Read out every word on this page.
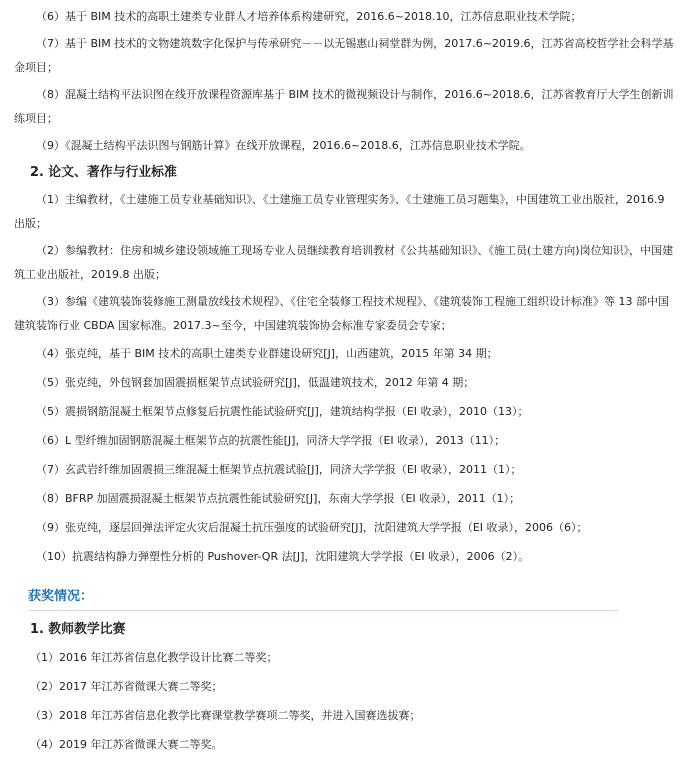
（6）基于 BIM 技术的高职土建类专业群人才培养体系构建研究，2016.6~2018.10，江苏信息职业技术学院；

（7）基于 BIM 技术的文物建筑数字化保护与传承研究－－以无锡惠山祠堂群为例，2017.6~2019.6，江苏省高校哲学社会科学基金项目；

（8）混凝土结构平法识图在线开放课程资源库基于 BIM 技术的微视频设计与制作，2016.6~2018.6，江苏省教育厅大学生创新训练项目；

（9）《混凝土结构平法识图与钢筋计算》在线开放课程，2016.6~2018.6，江苏信息职业技术学院。

2. 论文、著作与行业标准

（1）主编教材，《土建施工员专业基础知识》、《土建施工员专业管理实务》、《土建施工员习题集》，中国建筑工业出版社，2016.9 出版；

（2）参编教材：住房和城乡建设领域施工现场专业人员继续教育培训教材《公共基础知识》、《施工员(土建方向)岗位知识》，中国建筑工业出版社，2019.8 出版；

（3）参编《建筑装饰装修施工测量放线技术规程》、《住宅全装修工程技术规程》、《建筑装饰工程施工组织设计标准》等 13 部中国建筑装饰行业 CBDA 国家标准。2017.3~至今，中国建筑装饰协会标准专家委员会专家；

（4）张克纯，基于 BIM 技术的高职土建类专业群建设研究[J]，山西建筑，2015 年第 34 期；

（5）张克纯，外包钢套加固震损框架节点试验研究[J]，低温建筑技术，2012 年第 4 期；

（5）震损钢筋混凝土框架节点修复后抗震性能试验研究[J]，建筑结构学报（EI 收录），2010（13）；

（6）L 型纤维加固钢筋混凝土框架节点的抗震性能[J]，同济大学学报（EI 收录），2013（11）；

（7）玄武岩纤维加固震损三维混凝土框架节点抗震试验[J]，同济大学学报（EI 收录），2011（1）；

（8）BFRP 加固震损混凝土框架节点抗震性能试验研究[J]，东南大学学报（EI 收录），2011（1）；

（9）张克纯，逐层回弹法评定火灾后混凝土抗压强度的试验研究[J]，沈阳建筑大学学报（EI 收录），2006（6）；

（10）抗震结构静力弹塑性分析的 Pushover-QR 法[J]，沈阳建筑大学学报（EI 收录），2006（2）。

获奖情况：
1. 教师教学比赛

（1）2016 年江苏省信息化教学设计比赛二等奖；

（2）2017 年江苏省微课大赛二等奖；

（3）2018 年江苏省信息化教学比赛课堂教学赛项二等奖，并进入国赛选拔赛；

（4）2019 年江苏省微课大赛二等奖。
